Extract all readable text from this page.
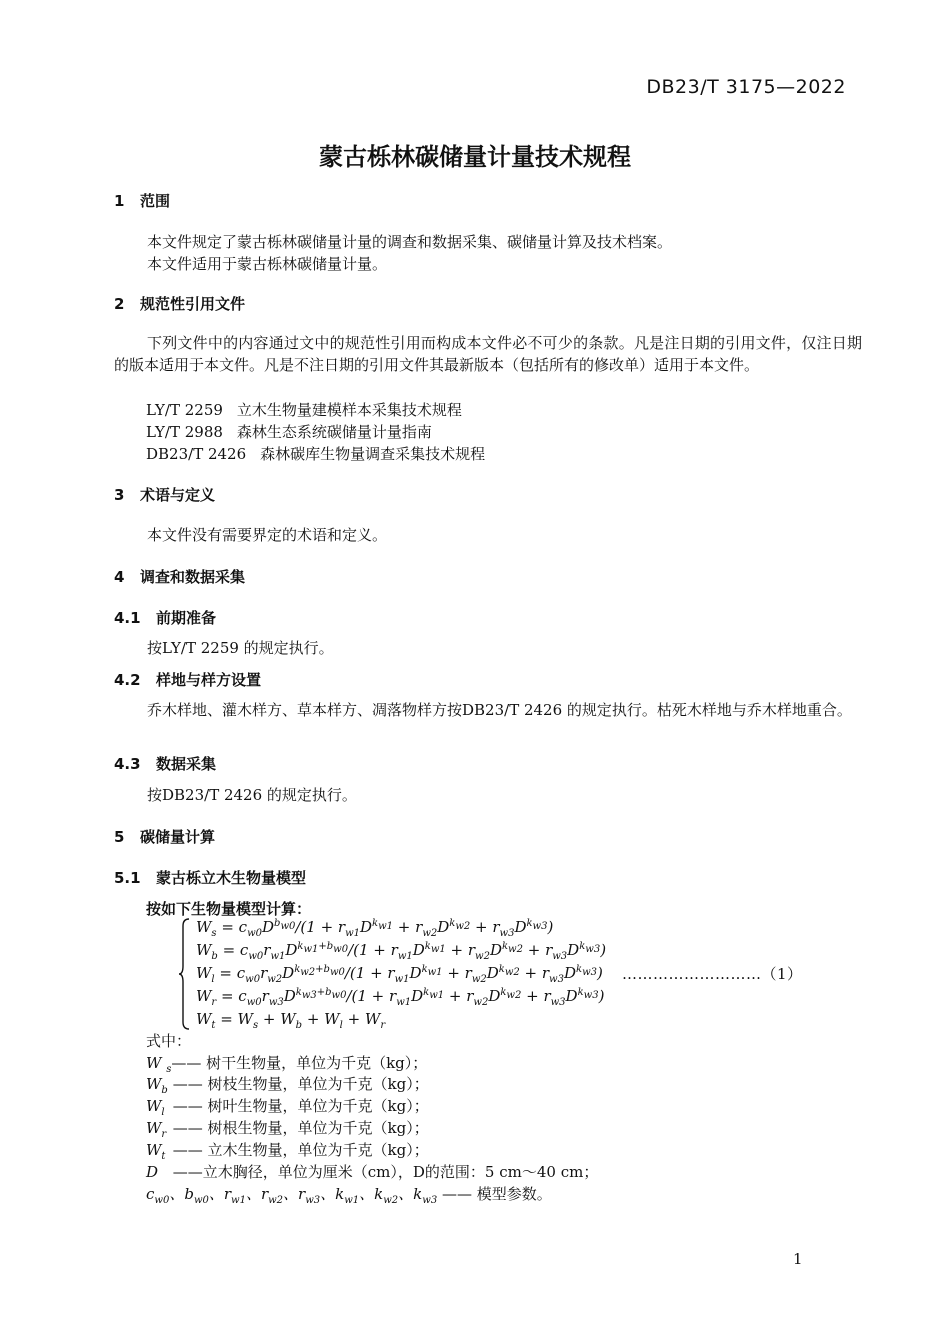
DB23/T 3175—2022
蒙古栎林碳储量计量技术规程
1 范围
本文件规定了蒙古栎林碳储量计量的调查和数据采集、碳储量计算及技术档案。
本文件适用于蒙古栎林碳储量计量。
2 规范性引用文件
下列文件中的内容通过文中的规范性引用而构成本文件必不可少的条款。凡是注日期的引用文件，仅注日期的版本适用于本文件。凡是不注日期的引用文件其最新版本（包括所有的修改单）适用于本文件。
LY/T 2259 立木生物量建模样本采集技术规程
LY/T 2988 森林生态系统碳储量计量指南
DB23/T 2426 森林碳库生物量调查采集技术规程
3 术语与定义
本文件没有需要界定的术语和定义。
4 调查和数据采集
4.1 前期准备
按LY/T 2259 的规定执行。
4.2 样地与样方设置
乔木样地、灌木样方、草本样方、凋落物样方按DB23/T 2426 的规定执行。枯死木样地与乔木样地重合。
4.3 数据采集
按DB23/T 2426 的规定执行。
5 碳储量计算
5.1 蒙古栎立木生物量模型
按如下生物量模型计算：
$W_s = c_{w0}D^{b_{w0}}/(1 + r_{w1}D^{k_{w1}} + r_{w2}D^{k_{w2}} + r_{w3}D^{k_{w3}})$
$W_b = c_{w0}r_{w1}D^{k_{w1}+b_{w0}}/(1 + r_{w1}D^{k_{w1}} + r_{w2}D^{k_{w2}} + r_{w3}D^{k_{w3}})$
$W_l = c_{w0}r_{w2}D^{k_{w2}+b_{w0}}/(1 + r_{w1}D^{k_{w1}} + r_{w2}D^{k_{w2}} + r_{w3}D^{k_{w3}})$ ………………………（1）
$W_r = c_{w0}r_{w3}D^{k_{w3}+b_{w0}}/(1 + r_{w1}D^{k_{w1}} + r_{w2}D^{k_{w2}} + r_{w3}D^{k_{w3}})$
$W_t = W_s + W_b + W_l + W_r$
式中：
W $_s$—— 树干生物量，单位为千克（kg）；
$W_b$ —— 树枝生物量，单位为千克（kg）；
$W_l$ —— 树叶生物量，单位为千克（kg）；
$W_r$ —— 树根生物量，单位为千克（kg）；
$W_t$ —— 立木生物量，单位为千克（kg）；
D ——立木胸径，单位为厘米（cm），D的范围：5 cm～40 cm；
$c_{w0}$、$b_{w0}$、$r_{w1}$、$r_{w2}$、$r_{w3}$、$k_{w1}$、$k_{w2}$、$k_{w3}$ —— 模型参数。
1
